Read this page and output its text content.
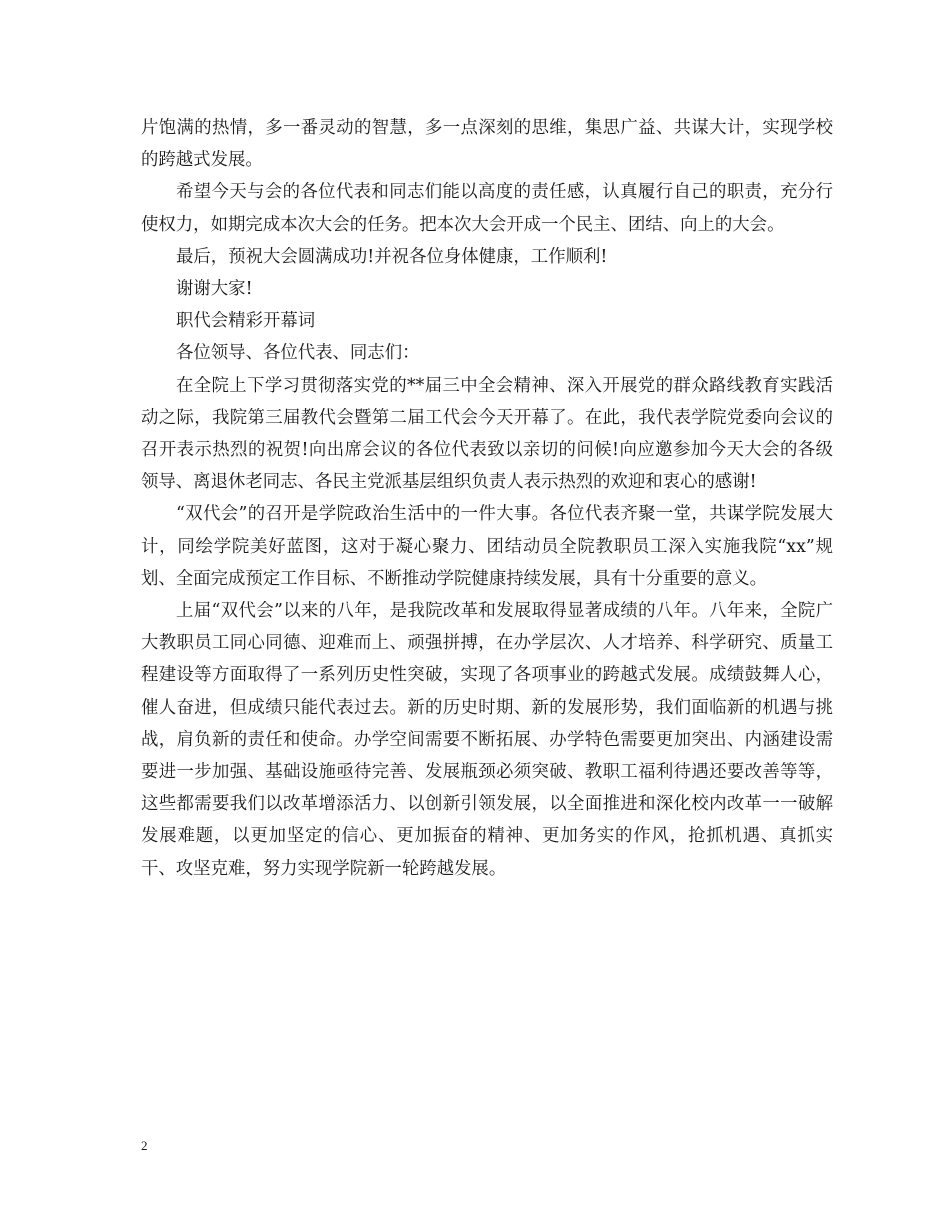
片饱满的热情，多一番灵动的智慧，多一点深刻的思维，集思广益、共谋大计，实现学校的跨越式发展。

希望今天与会的各位代表和同志们能以高度的责任感，认真履行自己的职责，充分行使权力，如期完成本次大会的任务。把本次大会开成一个民主、团结、向上的大会。

最后，预祝大会圆满成功!并祝各位身体健康，工作顺利!

谢谢大家!

职代会精彩开幕词

各位领导、各位代表、同志们：

在全院上下学习贯彻落实党的**届三中全会精神、深入开展党的群众路线教育实践活动之际，我院第三届教代会暨第二届工代会今天开幕了。在此，我代表学院党委向会议的召开表示热烈的祝贺!向出席会议的各位代表致以亲切的问候!向应邀参加今天大会的各级领导、离退休老同志、各民主党派基层组织负责人表示热烈的欢迎和衷心的感谢!

“双代会”的召开是学院政治生活中的一件大事。各位代表齐聚一堂，共谋学院发展大计，同绘学院美好蓝图，这对于凝心聚力、团结动员全院教职员工深入实施我院“xx”规划、全面完成预定工作目标、不断推动学院健康持续发展，具有十分重要的意义。

上届“双代会”以来的八年，是我院改革和发展取得显著成绩的八年。八年来，全院广大教职员工同心同德、迎难而上、顽强拼搏，在办学层次、人才培养、科学研究、质量工程建设等方面取得了一系列历史性突破，实现了各项事业的跨越式发展。成绩鼓舞人心，催人奋进，但成绩只能代表过去。新的历史时期、新的发展形势，我们面临新的机遇与挑战，肩负新的责任和使命。办学空间需要不断拓展、办学特色需要更加突出、内涵建设需要进一步加强、基础设施亟待完善、发展瓶颈必须突破、教职工福利待遇还要改善等等，这些都需要我们以改革增添活力、以创新引领发展，以全面推进和深化校内改革一一破解发展难题，以更加坚定的信心、更加振奋的精神、更加务实的作风，抢抓机遇、真抓实干、攻坚克难，努力实现学院新一轮跨越发展。

2
